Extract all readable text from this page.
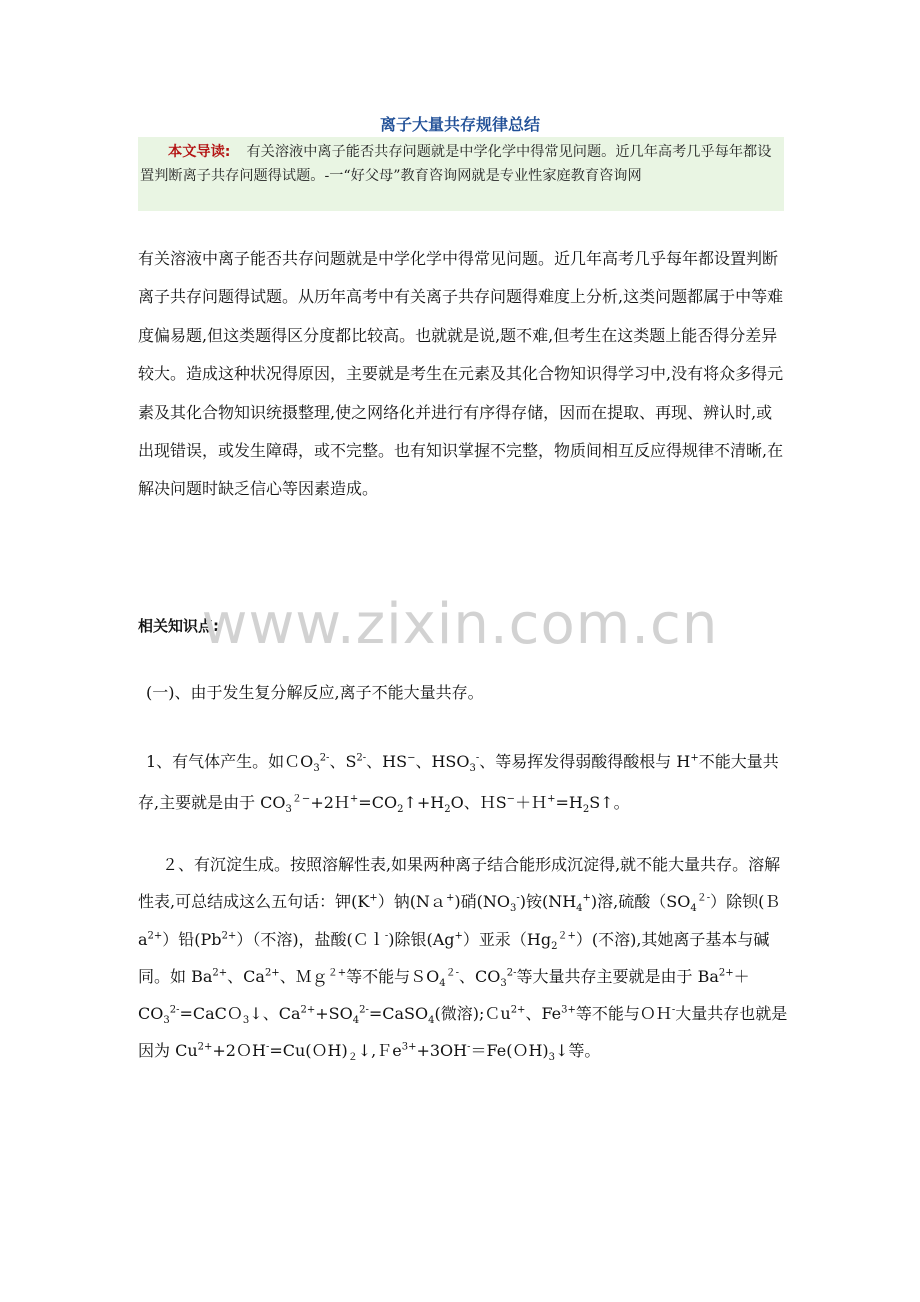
离子大量共存规律总结
本文导读: 有关溶液中离子能否共存问题就是中学化学中得常见问题。近几年高考几乎每年都设置判断离子共存问题得试题。-一“好父母”教育咨询网就是专业性家庭教育咨询网

有关溶液中离子能否共存问题就是中学化学中得常见问题。近几年高考几乎每年都设置判断离子共存问题得试题。从历年高考中有关离子共存问题得难度上分析,这类问题都属于中等难度偏易题,但这类题得区分度都比较高。也就就是说,题不难,但考生在这类题上能否得分差异较大。造成这种状况得原因，主要就是考生在元素及其化合物知识得学习中,没有将众多得元素及其化合物知识统摄整理,使之网络化并进行有序得存储，因而在提取、再现、辨认时,或出现错误，或发生障碍，或不完整。也有知识掌握不完整，物质间相互反应得规律不清晰,在解决问题时缺乏信心等因素造成。

相关知识点:

(一)、由于发生复分解反应,离子不能大量共存。

1、有气体产生。如ＣO$_3^{2-}$、$S^{2-}$、HS−、$HSO_3^-$、等易挥发得弱酸得酸根与 H+不能大量共存,主要就是由于 $CO_3^{2-}+2H^+=CO_2↑+H_2O$、$HS^-+H^+=H_2S↑$。

２、有沉淀生成。按照溶解性表,如果两种离子结合能形成沉淀得,就不能大量共存。溶解性表,可总结成这么五句话：钾(K+）钠(Nａ+)硝$(NO_3^-)$铵$(NH_4^+)$溶,硫酸$(SO_4^{2-})$除钡(Ｂa$^{2+}$）铅$(Pb^{2+})$（不溶)，盐酸(Ｃｌ-)除银(Ag+）亚汞$(Hg_2^{2+})$(不溶),其她离子基本与碱同。如 $Ba^{2+}$、$Ca^{2+}$、Ｍｇ$^{2+}$等不能与ＳO$_4^{2-}$、$CO_3^{2-}$等大量共存主要就是由于 $Ba^{2+}+CO_3^{2-}=CaCO_3↓$、$Ca^{2+}+SO_4^{2-}=CaSO_4$(微溶);Ｃu$^{2+}$、$Fe^{3+}$等不能与ＯＨ-大量共存也就是因为 $Cu^{2+}+2OH^-=Cu(OH)_2↓,Fe^{3+}+3OH^-=Fe(OH)_3↓$等。

www.zixin.com.cn
